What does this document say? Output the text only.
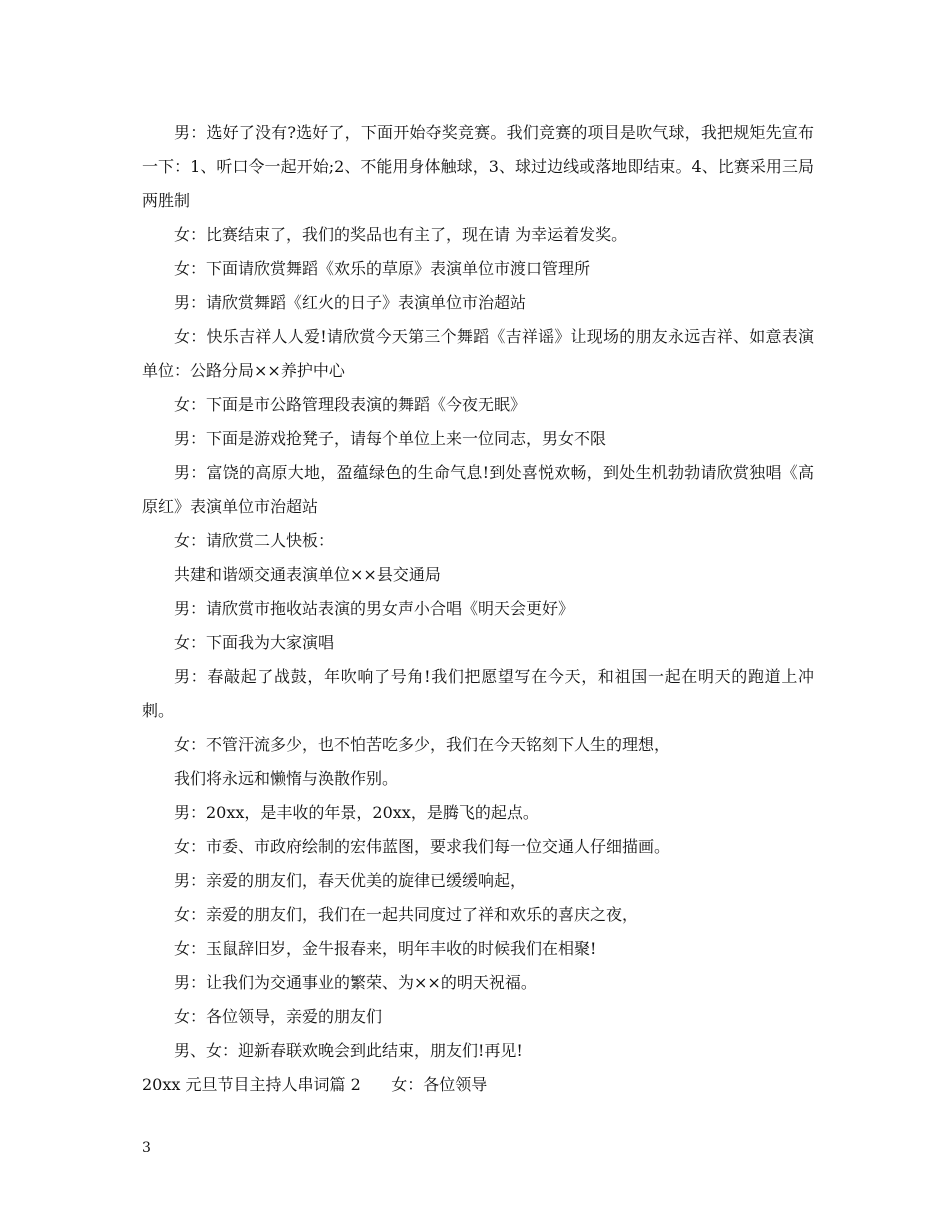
男：选好了没有?选好了，下面开始夺奖竞赛。我们竞赛的项目是吹气球，我把规矩先宣布一下：1、听口令一起开始;2、不能用身体触球，3、球过边线或落地即结束。4、比赛采用三局两胜制

女：比赛结束了，我们的奖品也有主了，现在请 为幸运着发奖。

女：下面请欣赏舞蹈《欢乐的草原》表演单位市渡口管理所

男：请欣赏舞蹈《红火的日子》表演单位市治超站

女：快乐吉祥人人爱!请欣赏今天第三个舞蹈《吉祥谣》让现场的朋友永远吉祥、如意表演单位：公路分局××养护中心

女：下面是市公路管理段表演的舞蹈《今夜无眠》

男：下面是游戏抢凳子，请每个单位上来一位同志，男女不限

男：富饶的高原大地，盈蕴绿色的生命气息!到处喜悦欢畅，到处生机勃勃请欣赏独唱《高原红》表演单位市治超站

女：请欣赏二人快板：

共建和谐颂交通表演单位××县交通局

男：请欣赏市拖收站表演的男女声小合唱《明天会更好》

女：下面我为大家演唱

男：春敲起了战鼓，年吹响了号角!我们把愿望写在今天，和祖国一起在明天的跑道上冲刺。

女：不管汗流多少，也不怕苦吃多少，我们在今天铭刻下人生的理想，

我们将永远和懒惰与涣散作别。

男：20xx，是丰收的年景，20xx，是腾飞的起点。

女：市委、市政府绘制的宏伟蓝图，要求我们每一位交通人仔细描画。

男：亲爱的朋友们，春天优美的旋律已缓缓响起，

女：亲爱的朋友们，我们在一起共同度过了祥和欢乐的喜庆之夜，

女：玉鼠辞旧岁，金牛报春来，明年丰收的时候我们在相聚!

男：让我们为交通事业的繁荣、为××的明天祝福。

女：各位领导，亲爱的朋友们

男、女：迎新春联欢晚会到此结束，朋友们!再见!

20xx 元旦节目主持人串词篇 2      女：各位领导

3
